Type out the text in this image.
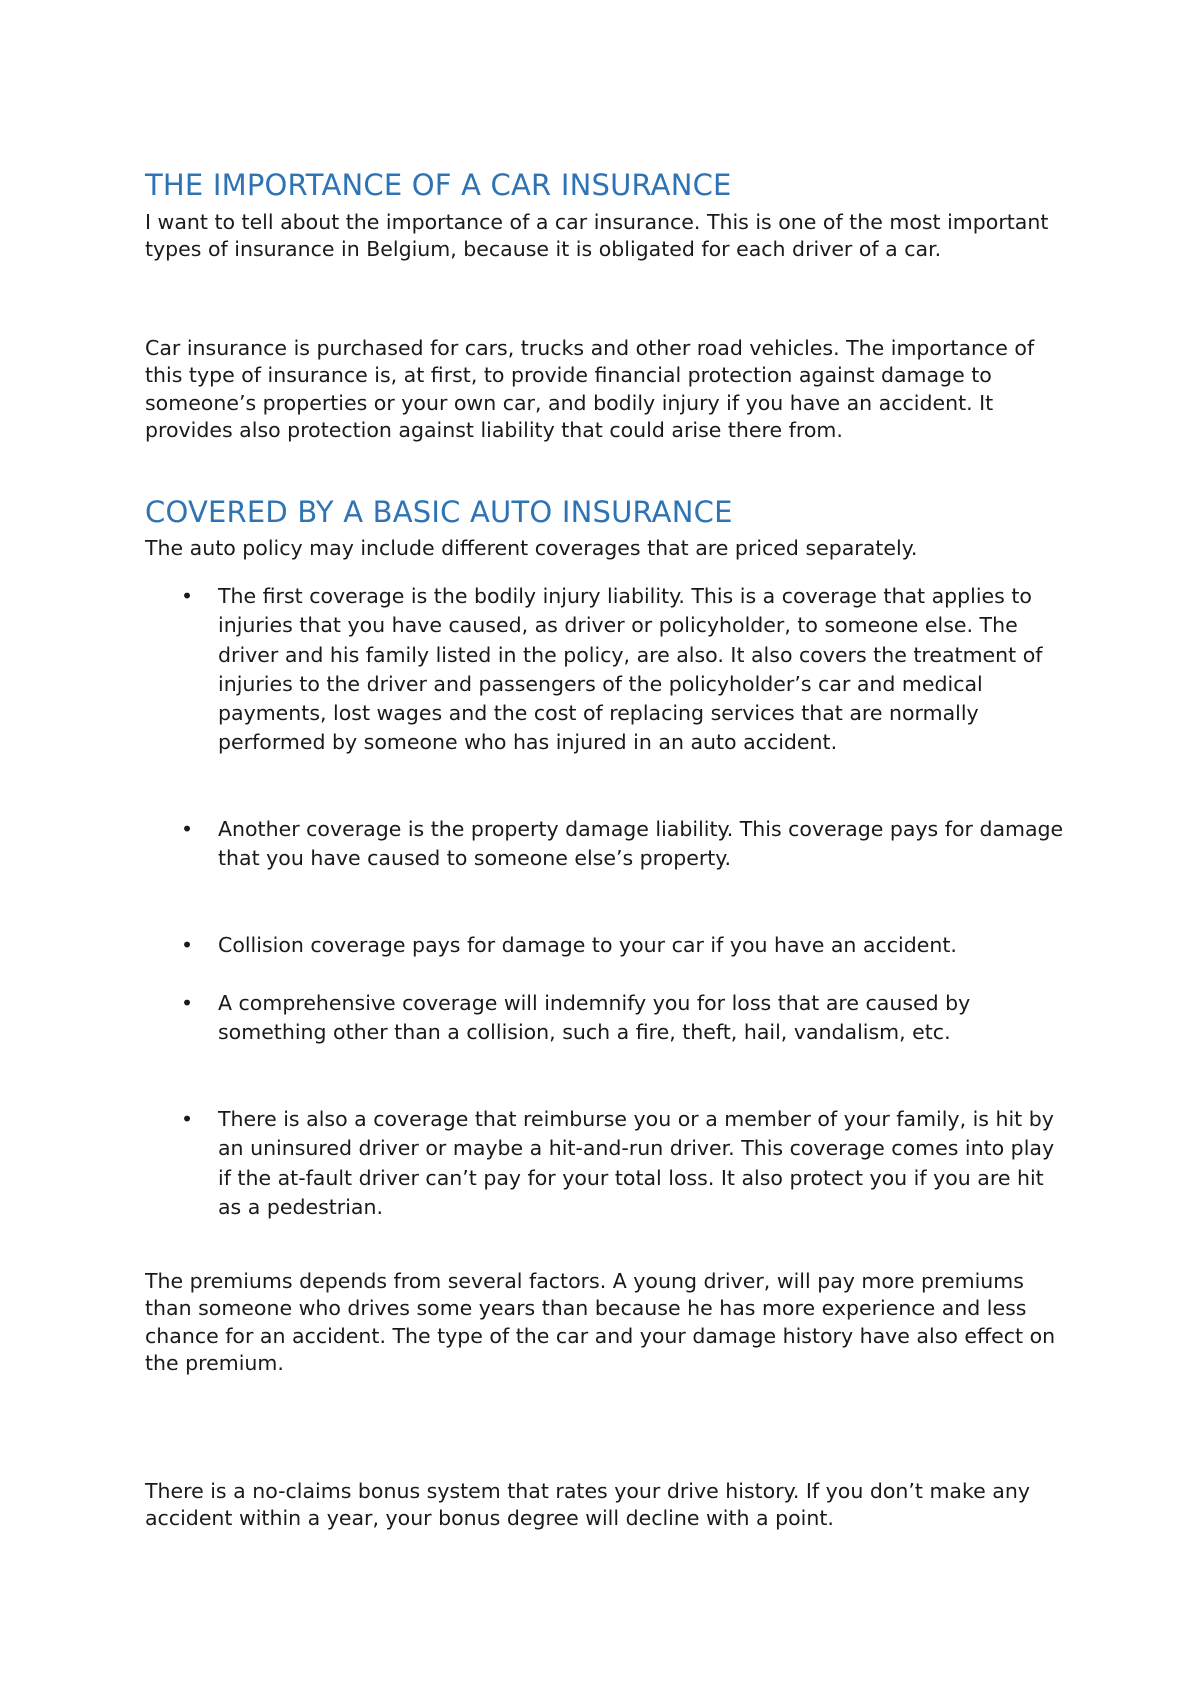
THE IMPORTANCE OF A CAR INSURANCE

I want to tell about the importance of a car insurance. This is one of the most important types of insurance in Belgium, because it is obligated for each driver of a car.

Car insurance is purchased for cars, trucks and other road vehicles. The importance of this type of insurance is, at first, to provide financial protection against damage to someone’s properties or your own car, and bodily injury if you have an accident. It provides also protection against liability that could arise there from.

COVERED BY A BASIC AUTO INSURANCE

The auto policy may include different coverages that are priced separately.

• The first coverage is the bodily injury liability. This is a coverage that applies to injuries that you have caused, as driver or policyholder, to someone else. The driver and his family listed in the policy, are also. It also covers the treatment of injuries to the driver and passengers of the policyholder’s car and medical payments, lost wages and the cost of replacing services that are normally performed by someone who has injured in an auto accident.
• Another coverage is the property damage liability. This coverage pays for damage that you have caused to someone else’s property.
• Collision coverage pays for damage to your car if you have an accident.
• A comprehensive coverage will indemnify you for loss that are caused by something other than a collision, such a fire, theft, hail, vandalism, etc.
• There is also a coverage that reimburse you or a member of your family, is hit by an uninsured driver or maybe a hit-and-run driver. This coverage comes into play if the at-fault driver can’t pay for your total loss. It also protect you if you are hit as a pedestrian.

The premiums depends from several factors. A young driver, will pay more premiums than someone who drives some years than because he has more experience and less chance for an accident. The type of the car and your damage history have also effect on the premium.

There is a no-claims bonus system that rates your drive history. If you don’t make any accident within a year, your bonus degree will decline with a point.
